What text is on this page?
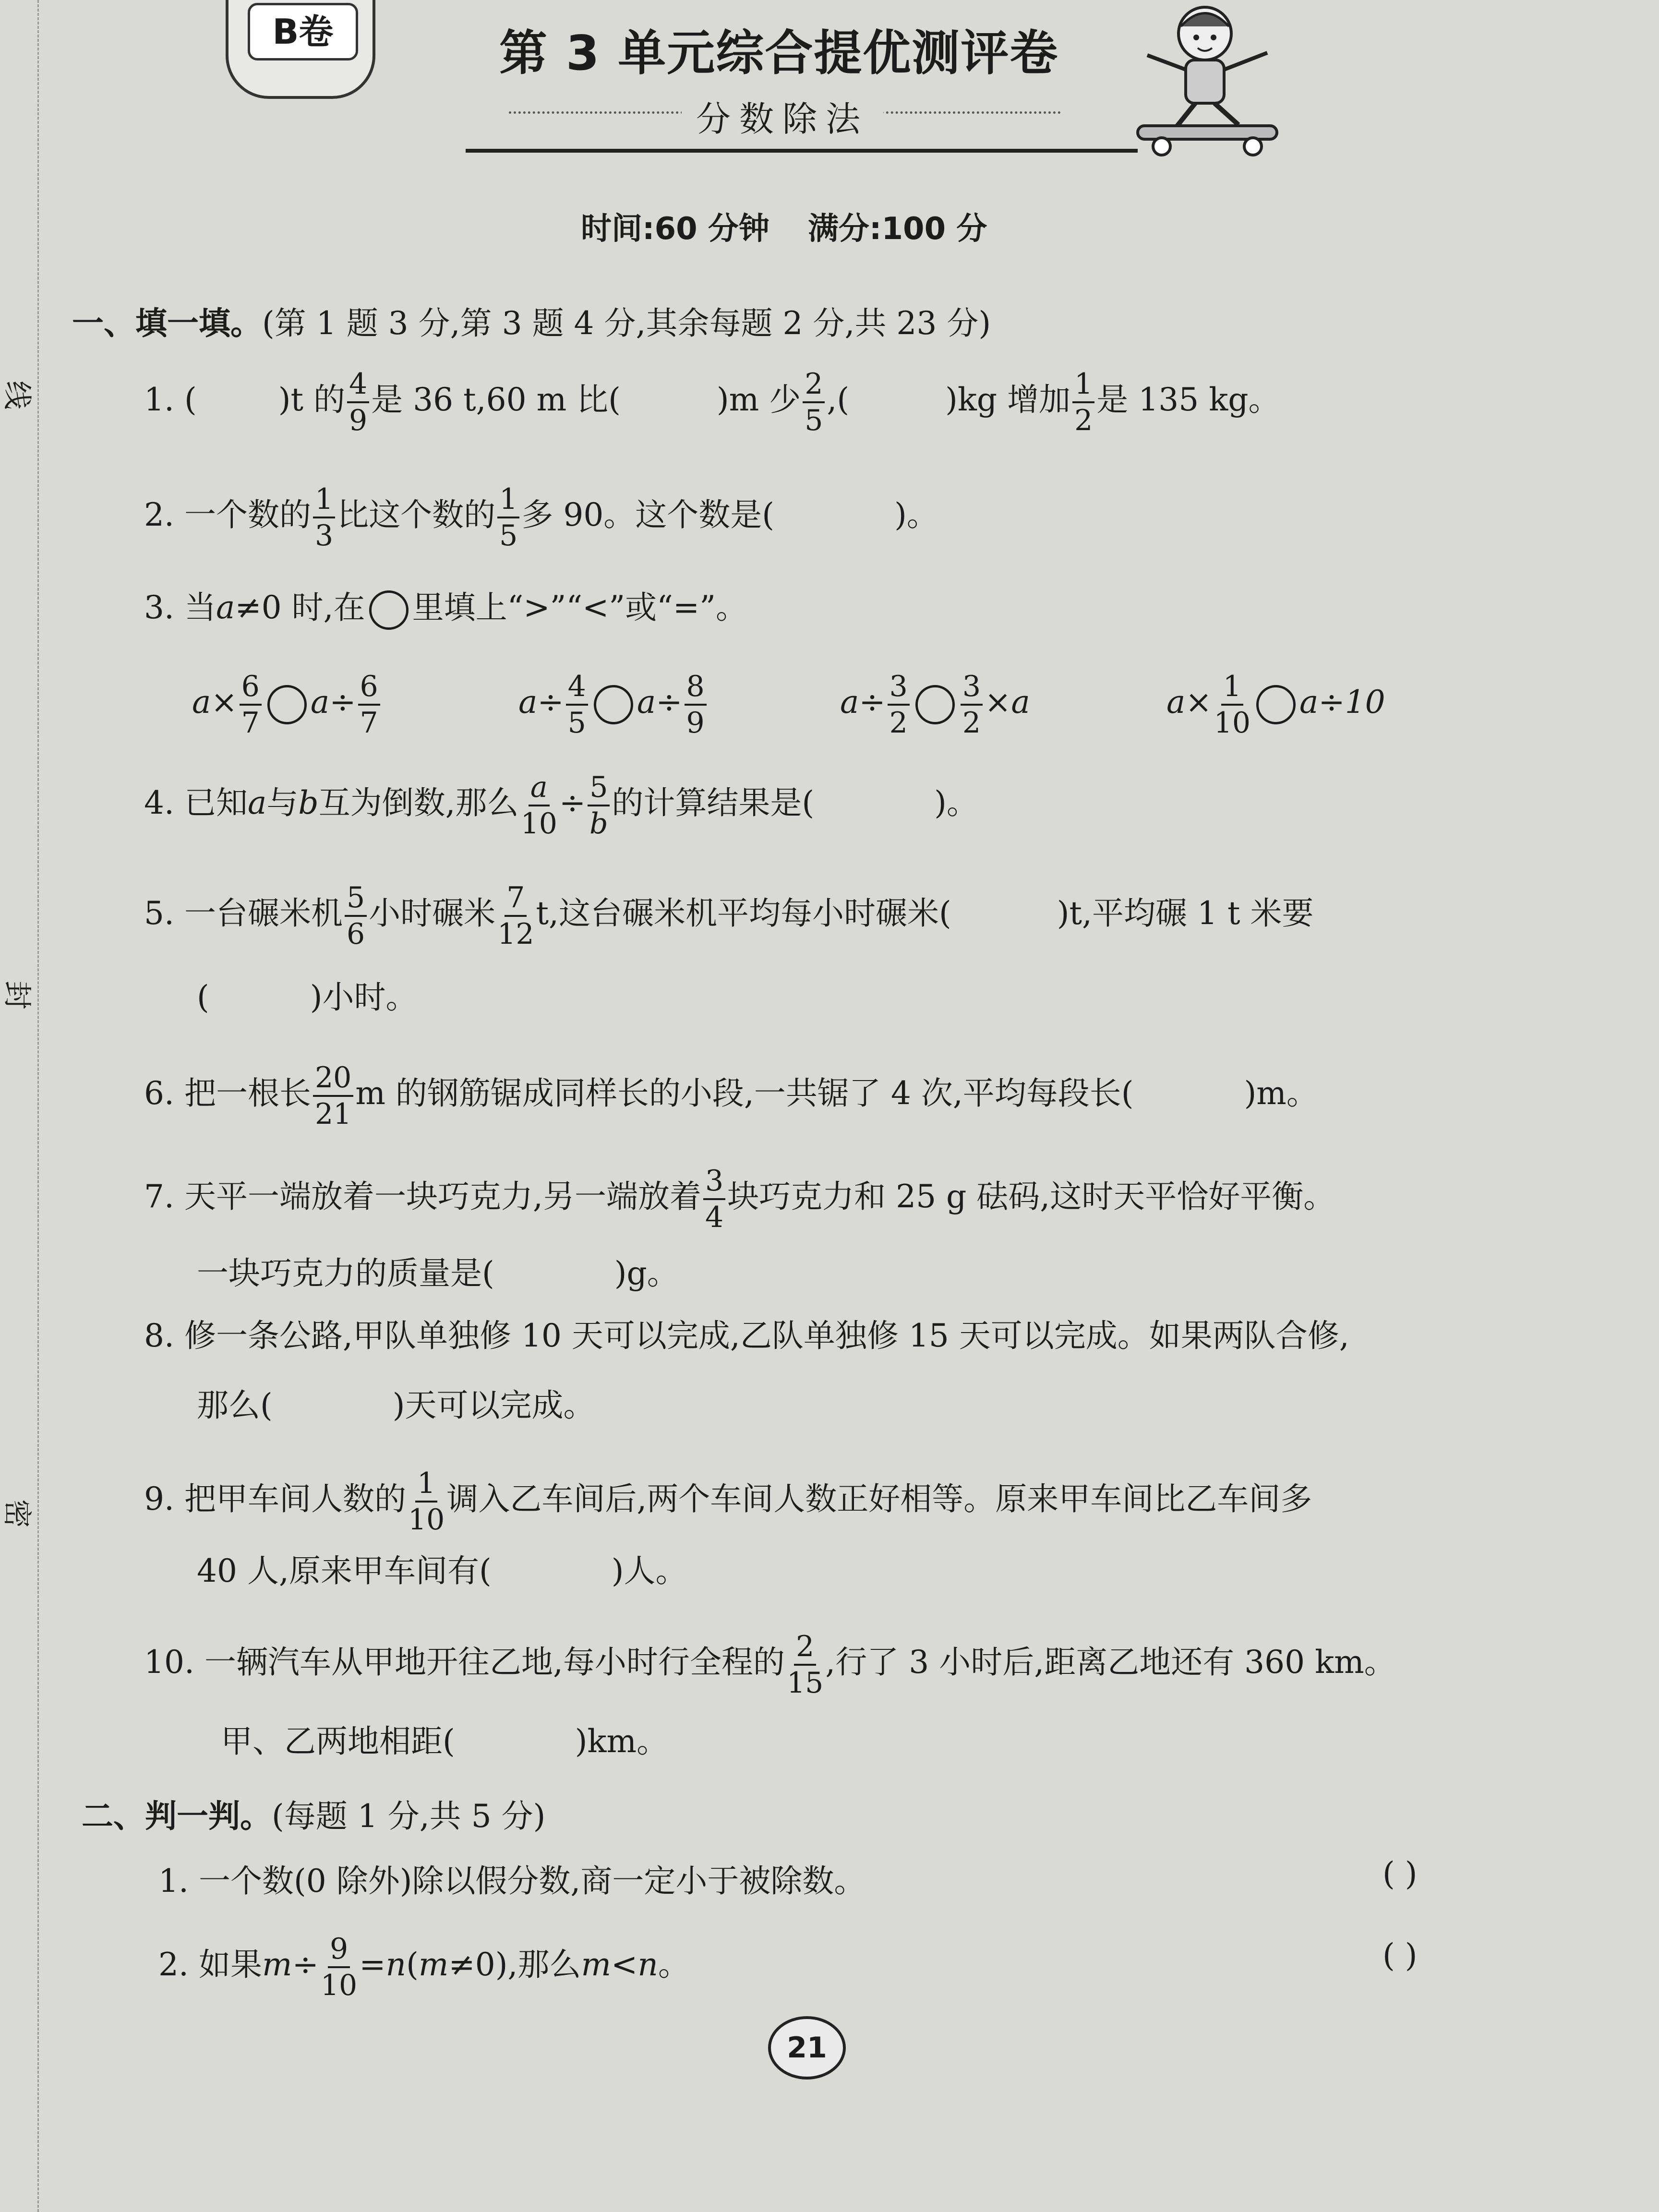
线
封
密
B卷	第 3 单元综合提优测评卷
分数除法
时间:60 分钟 满分:100 分
一、填一填。(第 1 题 3 分,第 3 题 4 分,其余每题 2 分,共 23 分)
1. (	)t 的 $\frac{4}{9}$ 是 36 t,60 m 比(	)m 少 $\frac{2}{5}$ ,(	)kg 增加 $\frac{1}{2}$ 是 135 kg。
2. 一个数的 $\frac{1}{3}$ 比这个数的 $\frac{1}{5}$ 多 90。这个数是(	)。
3. 当a≠0 时,在 里填上“>”“<”或“=”。
$a\times \frac{6}{7} a\div \frac{6}{7}$	$a\div \frac{4}{5} a\div \frac{8}{9}$	$a\div \frac{3}{2} \frac{3}{2} \times a$	$a\times \frac{1}{10} a\div 10$
4. 已知a与b互为倒数,那么 $\frac{a}{10} \div \frac{5}{b}$ 的计算结果是(	)。
5. 一台碾米机 $\frac{5}{6}$ 小时碾米 $\frac{7}{12} t$,这台碾米机平均每小时碾米(	)t,平均碾 1 t 米要
(	)小时。
6. 把一根长 $\frac{20}{21}$ m 的钢筋锯成同样长的小段,一共锯了 4 次,平均每段长(	)m。
7. 天平一端放着一块巧克力,另一端放着 $\frac{3}{4}$ 块巧克力和 25 g 砝码,这时天平恰好平衡。
一块巧克力的质量是(	)g。
8. 修一条公路,甲队单独修 10 天可以完成,乙队单独修 15 天可以完成。如果两队合修,
那么(	)天可以完成。
9. 把甲车间人数的 $\frac{1}{10}$ 调入乙车间后,两个车间人数正好相等。原来甲车间比乙车间多
40 人,原来甲车间有(	)人。
10. 一辆汽车从甲地开往乙地,每小时行全程的 $\frac{2}{15}$ ,行了 3 小时后,距离乙地还有 360 km。
甲、乙两地相距(	)km。
二、判一判。(每题 1 分,共 5 分)
1. 一个数(0 除外)除以假分数,商一定小于被除数。	( )
2. 如果$m\div \frac{9}{10} =n(m\ne 0)$,那么m<n。	( )
21
